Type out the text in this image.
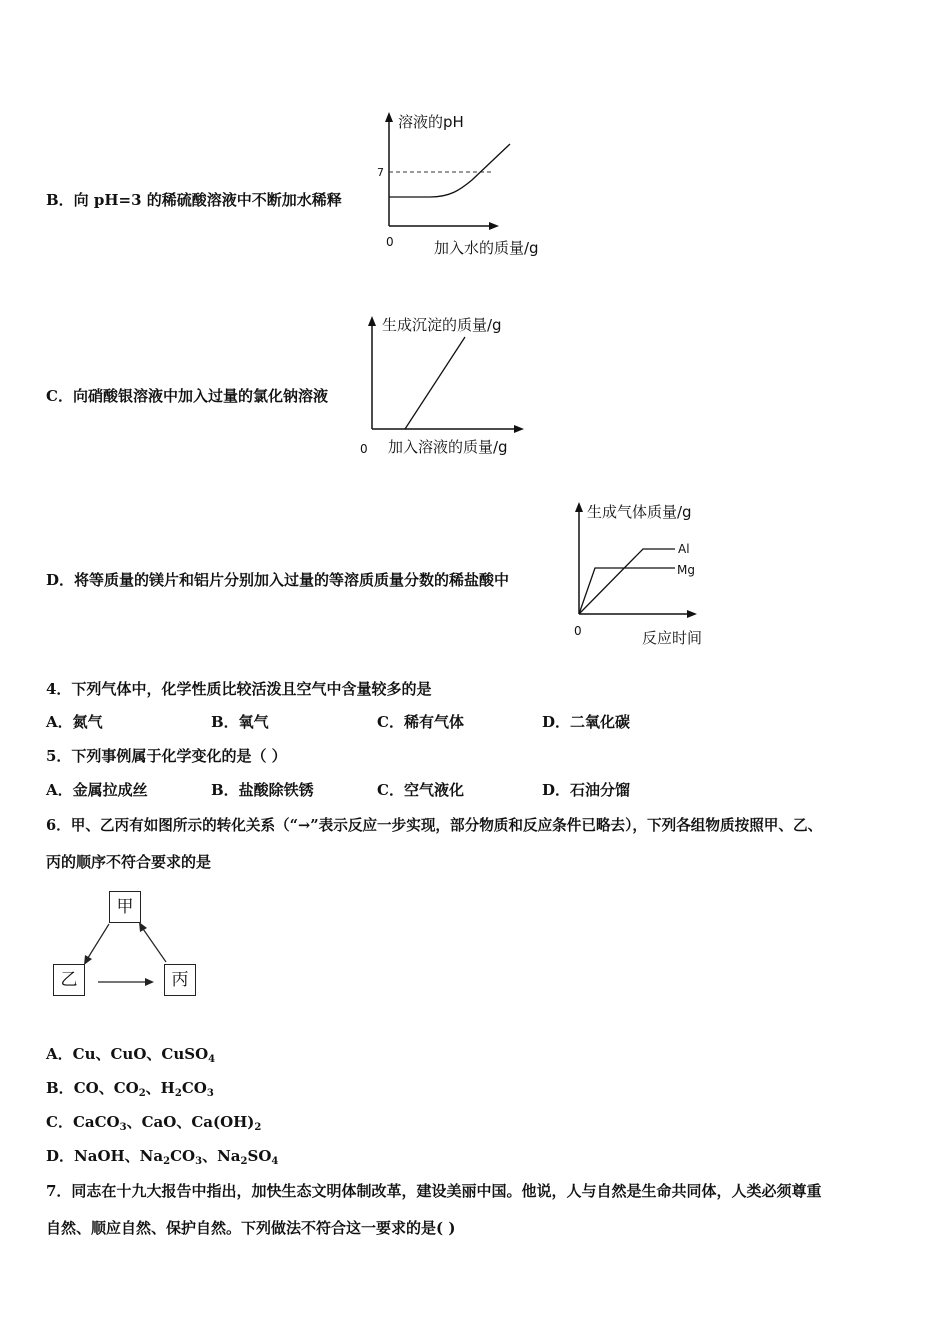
B．向 pH=3 的稀硫酸溶液中不断加水稀释
溶液的pH
7
0	加入水的质量/g
C．向硝酸银溶液中加入过量的氯化钠溶液
生成沉淀的质量/g
0 加入溶液的质量/g
D．将等质量的镁片和铝片分别加入过量的等溶质质量分数的稀盐酸中
生成气体质量/g
Al
Mg
0	反应时间
4．下列气体中，化学性质比较活泼且空气中含量较多的是
A．氮气	B．氧气	C．稀有气体	D．二氧化碳
5．下列事例属于化学变化的是（ ）
A．金属拉成丝	B．盐酸除铁锈	C．空气液化	D．石油分馏
6．甲、乙丙有如图所示的转化关系（“→”表示反应一步实现，部分物质和反应条件已略去），下列各组物质按照甲、乙、
丙的顺序不符合要求的是
甲
乙	丙
A．Cu、CuO、CuSO$_4$
B．CO、$CO_2$、$H_2CO_3$
C．CaCO$_3$、CaO、$Ca(OH)_2$
D．NaOH、$Na_2CO_3$、$Na_2SO_4$
7．同志在十九大报告中指出，加快生态文明体制改革，建设美丽中国。他说，人与自然是生命共同体，人类必须尊重
自然、顺应自然、保护自然。下列做法不符合这一要求的是( )
